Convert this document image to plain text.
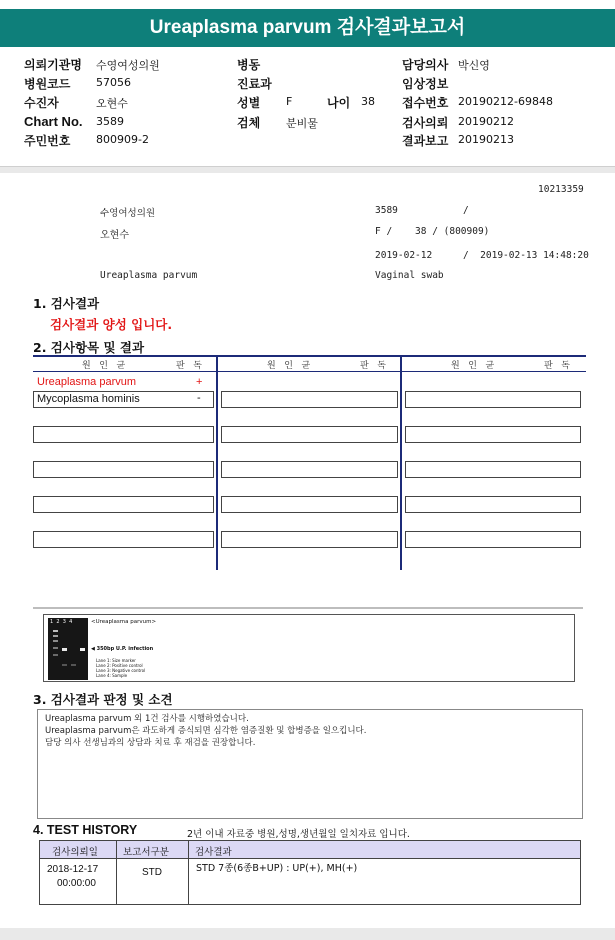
Ureaplasma parvum 검사결과보고서
의뢰기관명 수영여성의원
병원코드 57056
수진자	오현수
Chart No. 3589
주민번호 800909-2
병동
진료과
성별 F	나이 38
검체 분비물
담당의사 박신영
임상정보
접수번호 20190212-69848
검사의뢰 20190212
결과보고 20190213
10213359
수영여성의원	3589	/
오현수	F /    38 / (800909)
2019-02-12	/  2019-02-13 14:48:20
Ureaplasma parvum	Vaginal swab
1. 검사결과
검사결과 양성 입니다.
2. 검사항목 및 결과
원   인   균	판   독	원   인   균	판   독	원   인   균	판   독
Ureaplasma parvum	+
Mycoplasma hominis	-
1  2  3  4	<Ureaplasma parvum>
◀ 350bp U.P. infection
Lane 1: Size marker
Lane 2: Positive control
Lane 3: Negative control
Lane 4: Sample
3. 검사결과 판정 및 소견
Ureaplasma parvum 외 1건 검사를 시행하였습니다.
Ureaplasma parvum은 과도하게 증식되면 심각한 염증질환 및 합병증을 일으킵니다.
담당 의사 선생님과의 상담과 치료 후 재검을 권장합니다.
4. TEST HISTORY	2년 이내 자료중 병원,성명,생년월일 일치자료 입니다.
검사의뢰일	보고서구분	검사결과
2018-12-17
00:00:00
STD	STD 7종(6종B+UP) : UP(+), MH(+)
